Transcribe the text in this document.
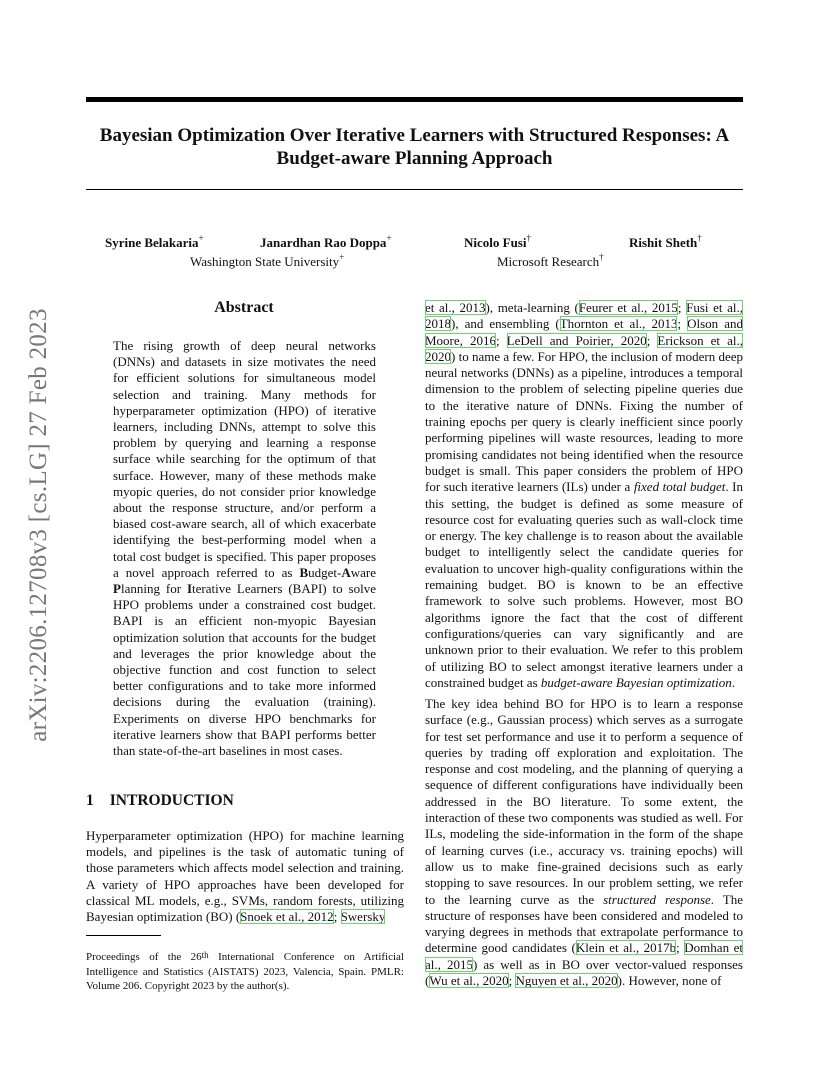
Bayesian Optimization Over Iterative Learners with Structured Responses: A Budget-aware Planning Approach
Syrine Belakaria+	Janardhan Rao Doppa+	Nicolo Fusi†	Rishit Sheth†
Washington State University+	Microsoft Research†
arXiv:2206.12708v3 [cs.LG] 27 Feb 2023
Abstract
The rising growth of deep neural networks (DNNs) and datasets in size motivates the need for efficient solutions for simultaneous model selection and training. Many methods for hyperparameter optimization (HPO) of iterative learners, including DNNs, attempt to solve this problem by querying and learning a response surface while searching for the optimum of that surface. However, many of these methods make myopic queries, do not consider prior knowledge about the response structure, and/or perform a biased cost-aware search, all of which exacerbate identifying the best-performing model when a total cost budget is specified. This paper proposes a novel approach referred to as Budget-Aware Planning for Iterative Learners (BAPI) to solve HPO problems under a constrained cost budget. BAPI is an efficient non-myopic Bayesian optimization solution that accounts for the budget and leverages the prior knowledge about the objective function and cost function to select better configurations and to take more informed decisions during the evaluation (training). Experiments on diverse HPO benchmarks for iterative learners show that BAPI performs better than state-of-the-art baselines in most cases.
1 INTRODUCTION
Hyperparameter optimization (HPO) for machine learning models, and pipelines is the task of automatic tuning of those parameters which affects model selection and training. A variety of HPO approaches have been developed for classical ML models, e.g., SVMs, random forests, utilizing Bayesian optimization (BO) (Snoek et al., 2012; Swersky
Proceedings of the 26th International Conference on Artificial Intelligence and Statistics (AISTATS) 2023, Valencia, Spain. PMLR: Volume 206. Copyright 2023 by the author(s).
et al., 2013), meta-learning (Feurer et al., 2015; Fusi et al., 2018), and ensembling (Thornton et al., 2013; Olson and Moore, 2016; LeDell and Poirier, 2020; Erickson et al., 2020) to name a few. For HPO, the inclusion of modern deep neural networks (DNNs) as a pipeline, introduces a temporal dimension to the problem of selecting pipeline queries due to the iterative nature of DNNs. Fixing the number of training epochs per query is clearly inefficient since poorly performing pipelines will waste resources, leading to more promising candidates not being identified when the resource budget is small. This paper considers the problem of HPO for such iterative learners (ILs) under a fixed total budget. In this setting, the budget is defined as some measure of resource cost for evaluating queries such as wall-clock time or energy. The key challenge is to reason about the available budget to intelligently select the candidate queries for evaluation to uncover high-quality configurations within the remaining budget. BO is known to be an effective framework to solve such problems. However, most BO algorithms ignore the fact that the cost of different configurations/queries can vary significantly and are unknown prior to their evaluation. We refer to this problem of utilizing BO to select amongst iterative learners under a constrained budget as budget-aware Bayesian optimization.
The key idea behind BO for HPO is to learn a response surface (e.g., Gaussian process) which serves as a surrogate for test set performance and use it to perform a sequence of queries by trading off exploration and exploitation. The response and cost modeling, and the planning of querying a sequence of different configurations have individually been addressed in the BO literature. To some extent, the interaction of these two components was studied as well. For ILs, modeling the side-information in the form of the shape of learning curves (i.e., accuracy vs. training epochs) will allow us to make fine-grained decisions such as early stopping to save resources. In our problem setting, we refer to the learning curve as the structured response. The structure of responses have been considered and modeled to varying degrees in methods that extrapolate performance to determine good candidates (Klein et al., 2017b; Domhan et al., 2015) as well as in BO over vector-valued responses (Wu et al., 2020; Nguyen et al., 2020). However, none of
